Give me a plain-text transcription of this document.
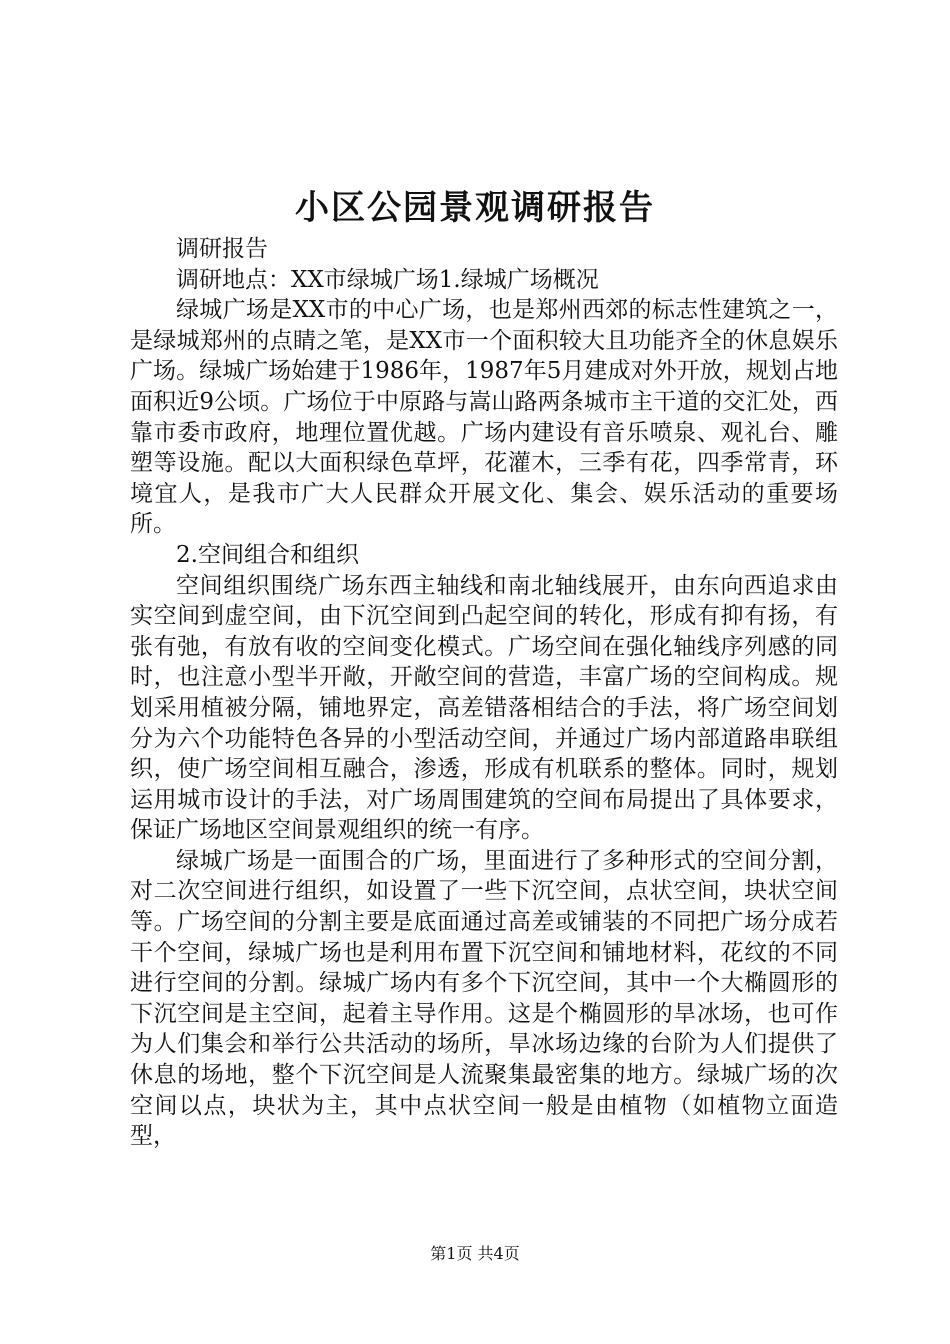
小区公园景观调研报告

调研报告

调研地点：XX市绿城广场1.绿城广场概况

绿城广场是XX市的中心广场，也是郑州西郊的标志性建筑之一，是绿城郑州的点睛之笔，是XX市一个面积较大且功能齐全的休息娱乐广场。绿城广场始建于1986年，1987年5月建成对外开放，规划占地面积近9公顷。广场位于中原路与嵩山路两条城市主干道的交汇处，西靠市委市政府，地理位置优越。广场内建设有音乐喷泉、观礼台、雕塑等设施。配以大面积绿色草坪，花灌木，三季有花，四季常青，环境宜人，是我市广大人民群众开展文化、集会、娱乐活动的重要场所。

2.空间组合和组织

空间组织围绕广场东西主轴线和南北轴线展开，由东向西追求由实空间到虚空间，由下沉空间到凸起空间的转化，形成有抑有扬，有张有弛，有放有收的空间变化模式。广场空间在强化轴线序列感的同时，也注意小型半开敞，开敞空间的营造，丰富广场的空间构成。规划采用植被分隔，铺地界定，高差错落相结合的手法，将广场空间划分为六个功能特色各异的小型活动空间，并通过广场内部道路串联组织，使广场空间相互融合，渗透，形成有机联系的整体。同时，规划运用城市设计的手法，对广场周围建筑的空间布局提出了具体要求，保证广场地区空间景观组织的统一有序。

绿城广场是一面围合的广场，里面进行了多种形式的空间分割，对二次空间进行组织，如设置了一些下沉空间，点状空间，块状空间等。广场空间的分割主要是底面通过高差或铺装的不同把广场分成若干个空间，绿城广场也是利用布置下沉空间和铺地材料，花纹的不同进行空间的分割。绿城广场内有多个下沉空间，其中一个大椭圆形的下沉空间是主空间，起着主导作用。这是个椭圆形的旱冰场，也可作为人们集会和举行公共活动的场所，旱冰场边缘的台阶为人们提供了休息的场地，整个下沉空间是人流聚集最密集的地方。绿城广场的次空间以点，块状为主，其中点状空间一般是由植物（如植物立面造型，

第1页 共4页
